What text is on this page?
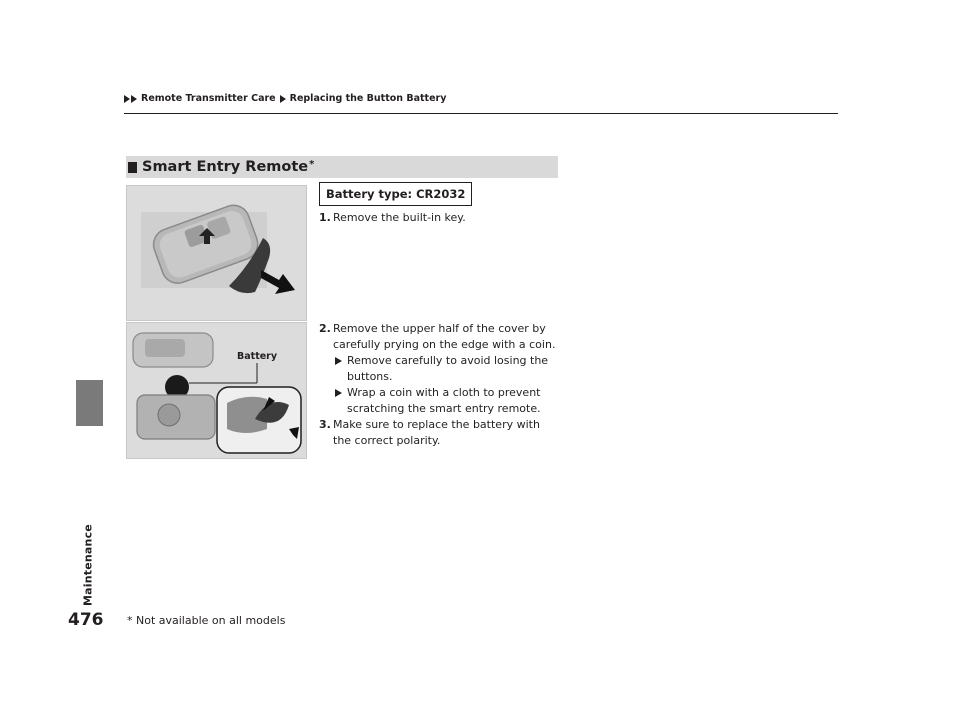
Remote Transmitter Care Replacing the Button Battery
Smart Entry Remote*
Battery type: CR2032
Battery
1. Remove the built-in key.
2. Remove the upper half of the cover by carefully prying on the edge with a coin.
Remove carefully to avoid losing the buttons.
Wrap a coin with a cloth to prevent scratching the smart entry remote.
3. Make sure to replace the battery with the correct polarity.
Maintenance
476 * Not available on all models
